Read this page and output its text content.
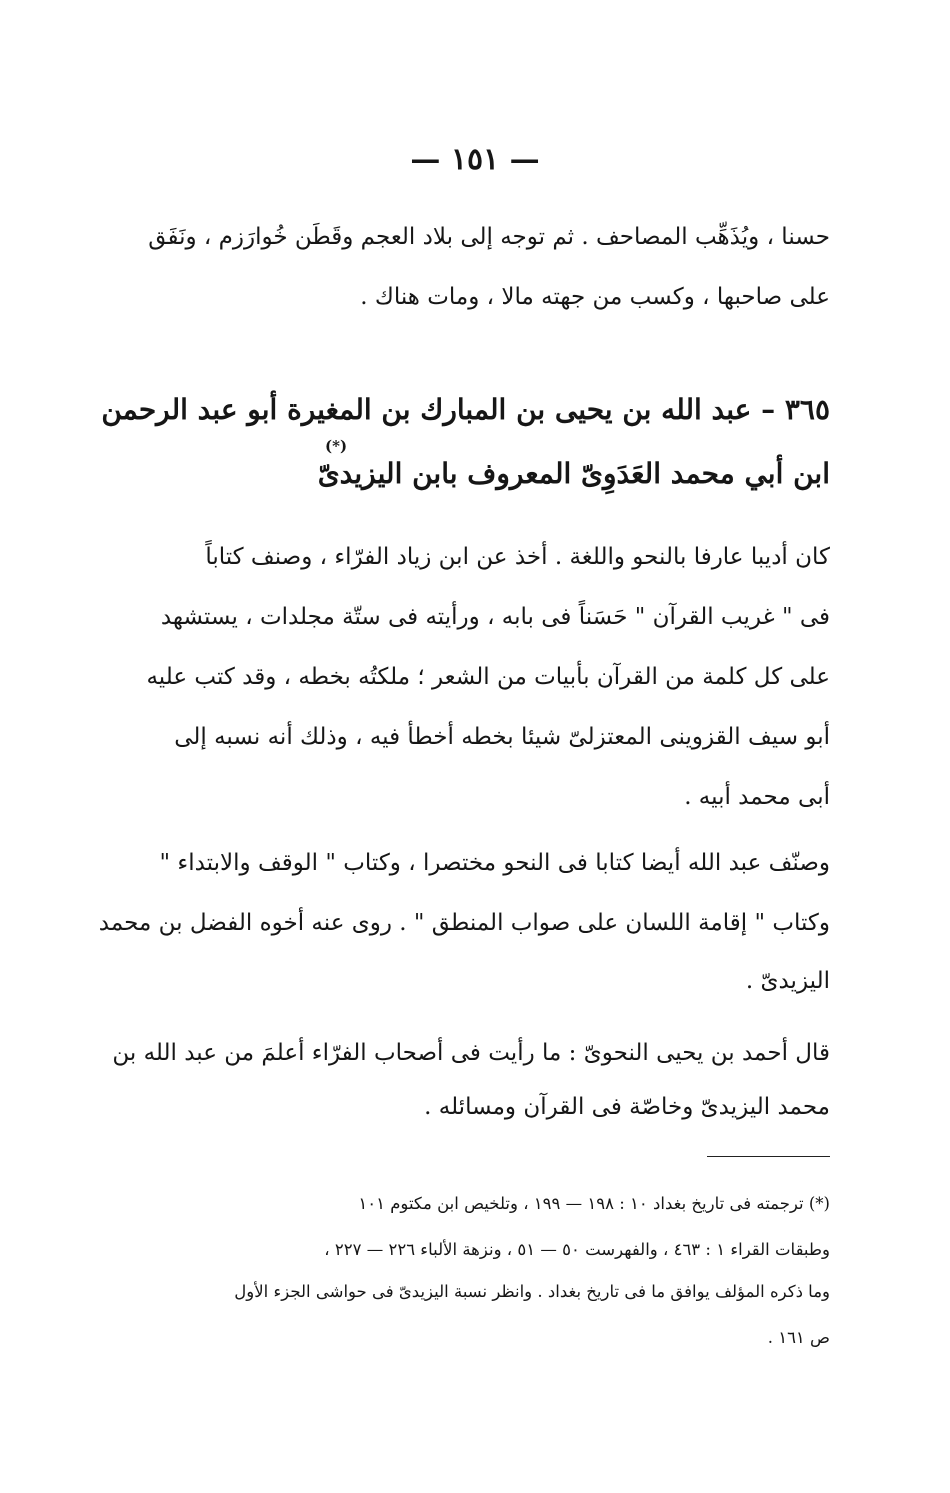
— ١٥١ —
حسنا ، ويُذَهِّب المصاحف . ثم توجه إلى بلاد العجم وقَطَن خُوارَزم ، ونَفَق
على صاحبها ، وكسب من جهته مالا ، ومات هناك .
٣٦٥ – عبد الله بن يحيى بن المبارك بن المغيرة أبو عبد الرحمن
ابن أبي محمد العَدَوِىّ المعروف بابن اليزيدىّ
(*)
كان أديبا عارفا بالنحو واللغة . أخذ عن ابن زياد الفرّاء ، وصنف كتاباً
فى " غريب القرآن " حَسَناً فى بابه ، ورأيته فى ستّة مجلدات ، يستشهد
على كل كلمة من القرآن بأبيات من الشعر ؛ ملكتُه بخطه ، وقد كتب عليه
أبو سيف القزوينى المعتزلىّ شيئا بخطه أخطأ فيه ، وذلك أنه نسبه إلى
أبى محمد أبيه .
وصنّف عبد الله أيضا كتابا فى النحو مختصرا ، وكتاب " الوقف والابتداء "
وكتاب " إقامة اللسان على صواب المنطق " . روى عنه أخوه الفضل بن محمد
اليزيدىّ .
قال أحمد بن يحيى النحوىّ : ما رأيت فى أصحاب الفرّاء أعلمَ من عبد الله بن
محمد اليزيدىّ وخاصّة فى القرآن ومسائله .
(*) ترجمته فى تاريخ بغداد ١٠ : ١٩٨ — ١٩٩ ، وتلخيص ابن مكتوم ١٠١
وطبقات القراء ١ : ٤٦٣ ، والفهرست ٥٠ — ٥١ ، ونزهة الألباء ٢٢٦ — ٢٢٧ ،
وما ذكره المؤلف يوافق ما فى تاريخ بغداد . وانظر نسبة اليزيدىّ فى حواشى الجزء الأول
ص ١٦١ .
